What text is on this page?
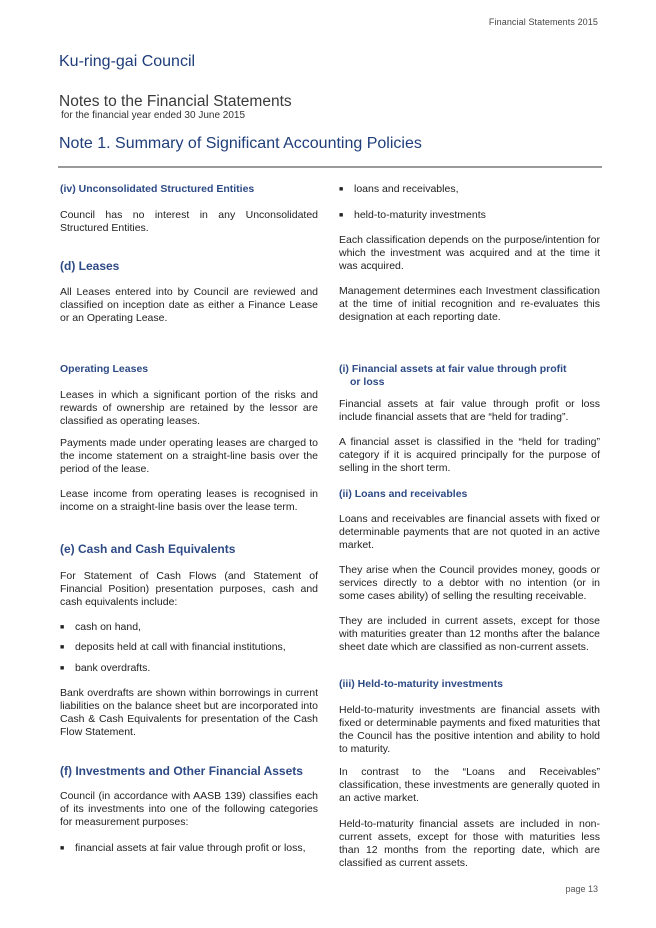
Financial Statements 2015
Ku-ring-gai Council
Notes to the Financial Statements
for the financial year ended 30 June 2015
Note 1. Summary of Significant Accounting Policies
(iv) Unconsolidated Structured Entities
Council has no interest in any Unconsolidated Structured Entities.
(d) Leases
All Leases entered into by Council are reviewed and classified on inception date as either a Finance Lease or an Operating Lease.
Operating Leases
Leases in which a significant portion of the risks and rewards of ownership are retained by the lessor are classified as operating leases.
Payments made under operating leases are charged to the income statement on a straight-line basis over the period of the lease.
Lease income from operating leases is recognised in income on a straight-line basis over the lease term.
(e) Cash and Cash Equivalents
For Statement of Cash Flows (and Statement of Financial Position) presentation purposes, cash and cash equivalents include:
■ cash on hand,
■ deposits held at call with financial institutions,
■ bank overdrafts.
Bank overdrafts are shown within borrowings in current liabilities on the balance sheet but are incorporated into Cash & Cash Equivalents for presentation of the Cash Flow Statement.
(f) Investments and Other Financial Assets
Council (in accordance with AASB 139) classifies each of its investments into one of the following categories for measurement purposes:
■ financial assets at fair value through profit or loss,
■ loans and receivables,
■ held-to-maturity investments
Each classification depends on the purpose/intention for which the investment was acquired and at the time it was acquired.
Management determines each Investment classification at the time of initial recognition and re-evaluates this designation at each reporting date.
(i) Financial assets at fair value through profit
or loss
Financial assets at fair value through profit or loss include financial assets that are “held for trading”.
A financial asset is classified in the “held for trading” category if it is acquired principally for the purpose of selling in the short term.
(ii) Loans and receivables
Loans and receivables are financial assets with fixed or determinable payments that are not quoted in an active market.
They arise when the Council provides money, goods or services directly to a debtor with no intention (or in some cases ability) of selling the resulting receivable.
They are included in current assets, except for those with maturities greater than 12 months after the balance sheet date which are classified as non-current assets.
(iii) Held-to-maturity investments
Held-to-maturity investments are financial assets with fixed or determinable payments and fixed maturities that the Council has the positive intention and ability to hold to maturity.
In contrast to the “Loans and Receivables” classification, these investments are generally quoted in an active market.
Held-to-maturity financial assets are included in non-current assets, except for those with maturities less than 12 months from the reporting date, which are classified as current assets.
page 13
